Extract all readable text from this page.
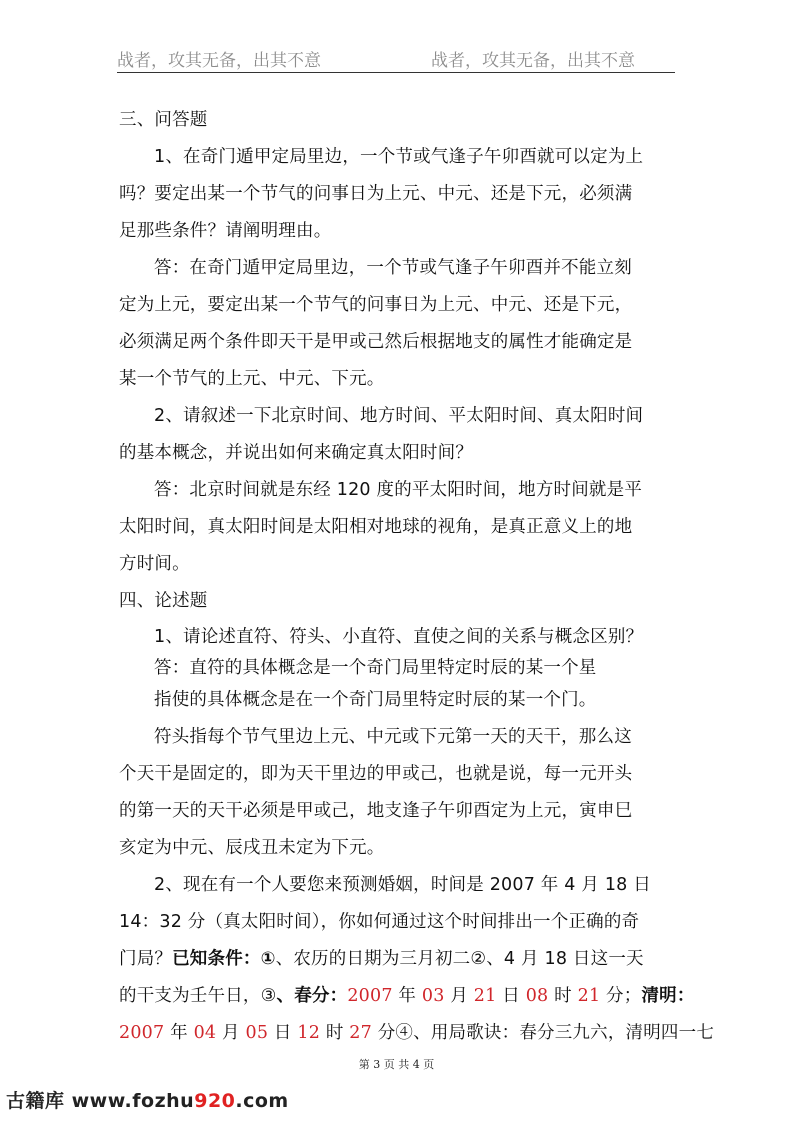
战者，攻其无备，出其不意	战者，攻其无备，出其不意
三、问答题
1、在奇门遁甲定局里边，一个节或气逢子午卯酉就可以定为上
吗？要定出某一个节气的问事日为上元、中元、还是下元，必须满
足那些条件？请阐明理由。
答：在奇门遁甲定局里边，一个节或气逢子午卯酉并不能立刻
定为上元，要定出某一个节气的问事日为上元、中元、还是下元，
必须满足两个条件即天干是甲或己然后根据地支的属性才能确定是
某一个节气的上元、中元、下元。
2、请叙述一下北京时间、地方时间、平太阳时间、真太阳时间
的基本概念，并说出如何来确定真太阳时间？
答：北京时间就是东经 120 度的平太阳时间，地方时间就是平
太阳时间，真太阳时间是太阳相对地球的视角，是真正意义上的地
方时间。
四、论述题
1、请论述直符、符头、小直符、直使之间的关系与概念区别？
答：直符的具体概念是一个奇门局里特定时辰的某一个星
指使的具体概念是在一个奇门局里特定时辰的某一个门。
符头指每个节气里边上元、中元或下元第一天的天干，那么这
个天干是固定的，即为天干里边的甲或己，也就是说，每一元开头
的第一天的天干必须是甲或己，地支逢子午卯酉定为上元，寅申巳
亥定为中元、辰戌丑未定为下元。
2、现在有一个人要您来预测婚姻，时间是 2007 年 4 月 18 日
14：32 分（真太阳时间），你如何通过这个时间排出一个正确的奇
门局？已知条件：①、农历的日期为三月初二②、4 月 18 日这一天
的干支为壬午日，③、春分：2007 年 03 月 21 日 08 时 21 分；清明：
2007 年 04 月 05 日 12 时 27 分④、用局歌诀：春分三九六，清明四一七
第 3 页 共 4 页
古籍库 www.fozhu920.com
